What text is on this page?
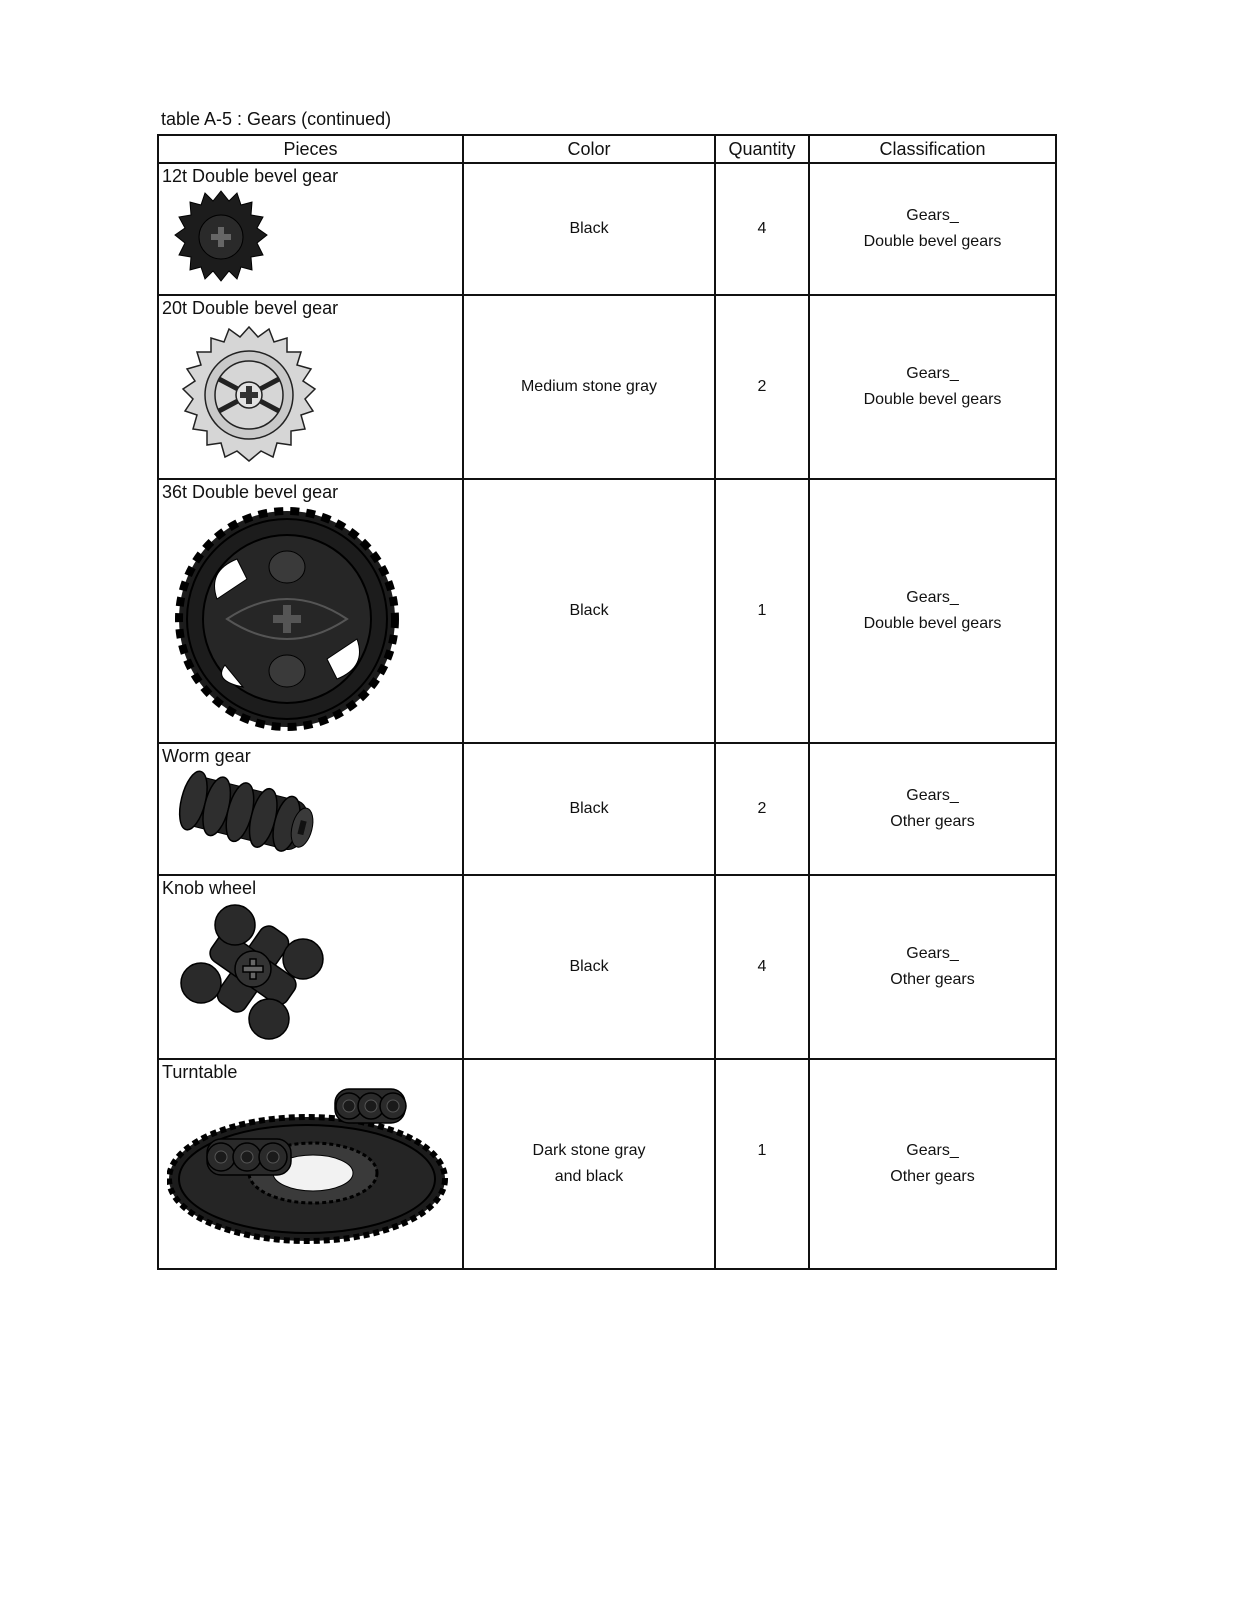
table A-5 : Gears (continued)
Pieces	Color	Quantity	Classification

12t Double bevel gear	Black	4	Gears_
Double bevel gears

20t Double bevel gear	Medium stone gray	2	Gears_
Double bevel gears

36t Double bevel gear	Black	1	Gears_
Double bevel gears

Worm gear	Black	2	Gears_
Other gears

Knob wheel	Black	4	Gears_
Other gears

Turntable	Dark stone gray
and black	1	Gears_
Other gears
